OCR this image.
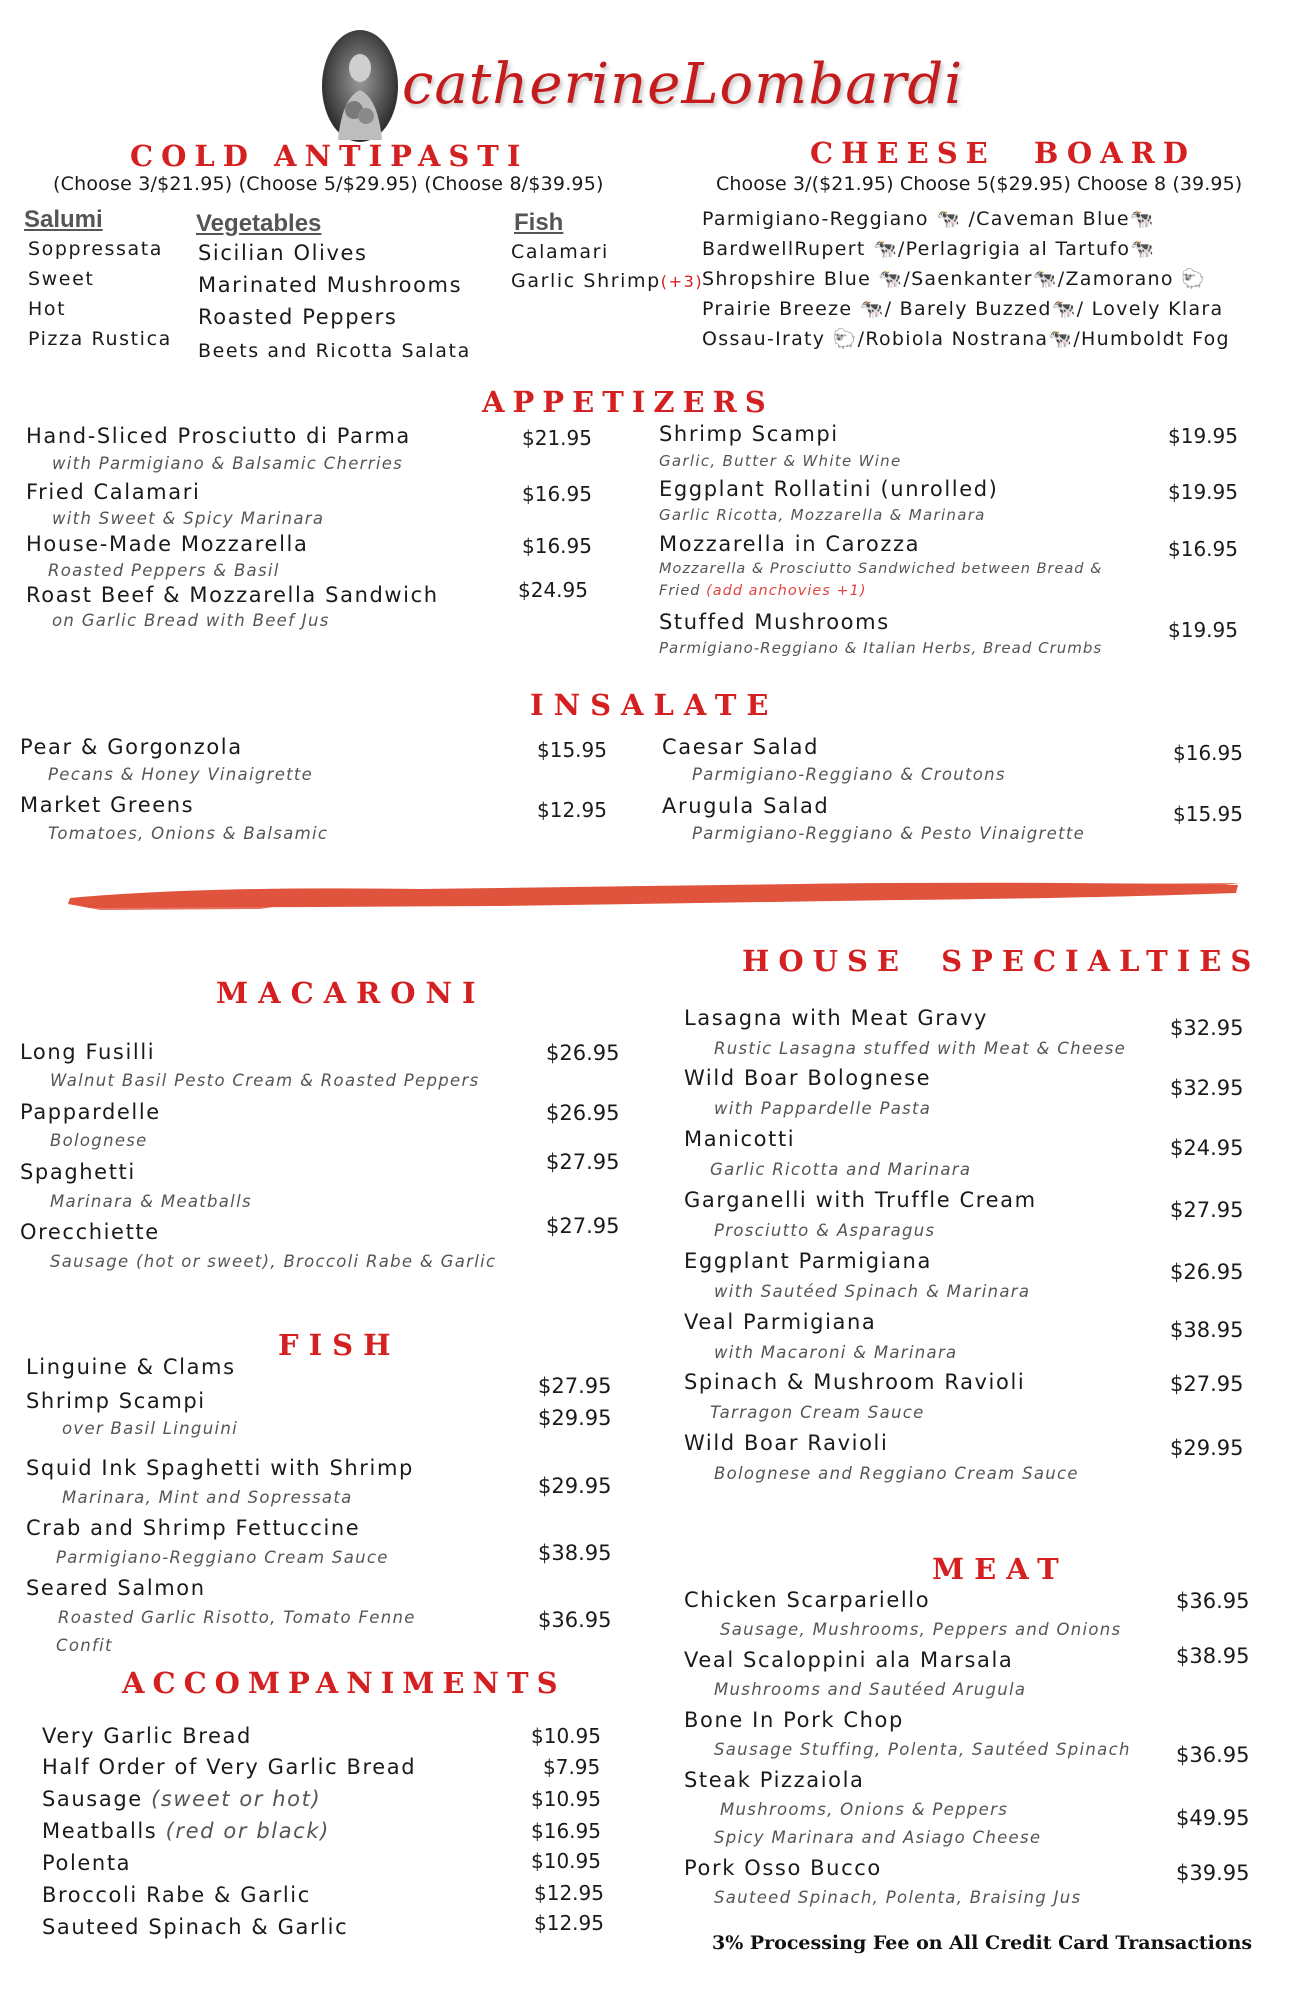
catherineLombardi
COLD ANTIPASTI
(Choose 3/$21.95) (Choose 5/$29.95) (Choose 8/$39.95)
Salumi
Soppressata
Sweet
Hot
Pizza Rustica
Vegetables
Sicilian Olives
Marinated Mushrooms
Roasted Peppers
Beets and Ricotta Salata
Fish
Calamari
Garlic Shrimp(+3)
CHEESE BOARD
Choose 3/($21.95) Choose 5($29.95) Choose 8 (39.95)
Parmigiano-Reggiano 🐄 /Caveman Blue🐄
BardwellRupert 🐄/Perlagrigia al Tartufo🐄
Shropshire Blue 🐄/Saenkanter🐄/Zamorano 🐑
Prairie Breeze 🐄/ Barely Buzzed🐄/ Lovely Klara
Ossau-Iraty 🐑/Robiola Nostrana🐄/Humboldt Fog
APPETIZERS
Hand-Sliced Prosciutto di Parma
with Parmigiano & Balsamic Cherries
$21.95
Fried Calamari
with Sweet & Spicy Marinara
$16.95
House-Made Mozzarella
Roasted Peppers & Basil
$16.95
Roast Beef & Mozzarella Sandwich
on Garlic Bread with Beef Jus
$24.95
Shrimp Scampi
Garlic, Butter & White Wine
$19.95
Eggplant Rollatini (unrolled)
Garlic Ricotta, Mozzarella & Marinara
$19.95
Mozzarella in Carozza
Mozzarella & Prosciutto Sandwiched between Bread &
Fried (add anchovies +1)
$16.95
Stuffed Mushrooms
Parmigiano-Reggiano & Italian Herbs, Bread Crumbs
$19.95
INSALATE
Pear & Gorgonzola
Pecans & Honey Vinaigrette
$15.95
Market Greens
Tomatoes, Onions & Balsamic
$12.95
Caesar Salad
Parmigiano-Reggiano & Croutons
$16.95
Arugula Salad
Parmigiano-Reggiano & Pesto Vinaigrette
$15.95
MACARONI
Long Fusilli
Walnut Basil Pesto Cream & Roasted Peppers
$26.95
Pappardelle
Bolognese
$26.95
Spaghetti
Marinara & Meatballs
$27.95
Orecchiette
Sausage (hot or sweet), Broccoli Rabe & Garlic
$27.95
FISH
Linguine & Clams
$27.95
Shrimp Scampi
over Basil Linguini	$29.95
Squid Ink Spaghetti with Shrimp
Marinara, Mint and Sopressata	$29.95
Crab and Shrimp Fettuccine
Parmigiano-Reggiano Cream Sauce	$38.95
Seared Salmon
Roasted Garlic Risotto, Tomato Fenne
Confit
$36.95
ACCOMPANIMENTS
Very Garlic Bread	$10.95
Half Order of Very Garlic Bread	$7.95
Sausage (sweet or hot)	$10.95
Meatballs (red or black)	$16.95
Polenta	$10.95
Broccoli Rabe & Garlic	$12.95
Sauteed Spinach & Garlic	$12.95
HOUSE SPECIALTIES
Lasagna with Meat Gravy
Rustic Lasagna stuffed with Meat & Cheese
$32.95
Wild Boar Bolognese
with Pappardelle Pasta
$32.95
Manicotti
Garlic Ricotta and Marinara
$24.95
Garganelli with Truffle Cream
Prosciutto & Asparagus
$27.95
Eggplant Parmigiana
with Sautéed Spinach & Marinara
$26.95
Veal Parmigiana
with Macaroni & Marinara
$38.95
Spinach & Mushroom Ravioli
Tarragon Cream Sauce
$27.95
Wild Boar Ravioli
Bolognese and Reggiano Cream Sauce
$29.95
MEAT
Chicken Scarpariello
Sausage, Mushrooms, Peppers and Onions
$36.95
Veal Scaloppini ala Marsala
Mushrooms and Sautéed Arugula
$38.95
Bone In Pork Chop
Sausage Stuffing, Polenta, Sautéed Spinach $36.95
Steak Pizzaiola
Mushrooms, Onions & Peppers
Spicy Marinara and Asiago Cheese
$49.95
Pork Osso Bucco
Sauteed Spinach, Polenta, Braising Jus
$39.95
3% Processing Fee on All Credit Card Transactions
